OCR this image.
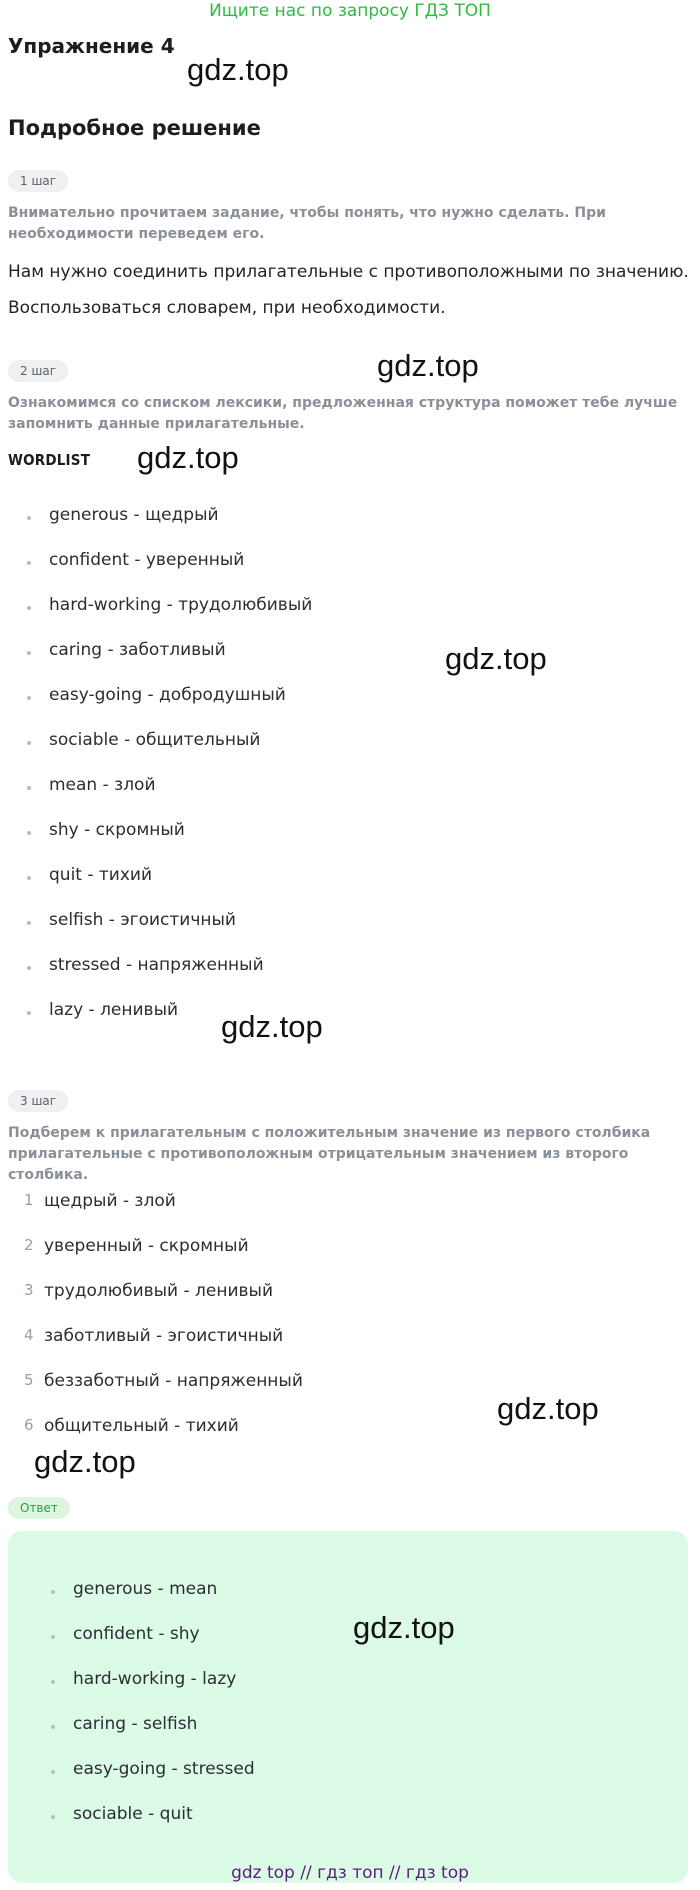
Ищите нас по запросу ГДЗ ТОП
Упражнение 4
gdz.top
Подробное решение
1 шаг
Внимательно прочитаем задание, чтобы понять, что нужно сделать. При необходимости переведем его.
Нам нужно соединить прилагательные с противоположными по значению.
Воспользоваться словарем, при необходимости.
2 шаг	gdz.top
Ознакомимся со списком лексики, предложенная структура поможет тебе лучше запомнить данные прилагательные.
WORDLIST gdz.top
generous - щедрый
confident - уверенный
hard-working - трудолюбивый
caring - заботливый
easy-going - добродушный
sociable - общительный
mean - злой
shy - скромный
quit - тихий
selfish - эгоистичный
stressed - напряженный
lazy - ленивый
gdz.top
gdz.top
3 шаг
Подберем к прилагательным с положительным значение из первого столбика прилагательные с противоположным отрицательным значением из второго столбика.
1 щедрый - злой
2 уверенный - скромный
3 трудолюбивый - ленивый
4 заботливый - эгоистичный
5 беззаботный - напряженный
6 общительный - тихий	gdz.top
gdz.top
Ответ
generous - mean
confident - shy
hard-working - lazy
caring - selfish
easy-going - stressed
sociable - quit
gdz.top
gdz top // гдз топ // гдз top
